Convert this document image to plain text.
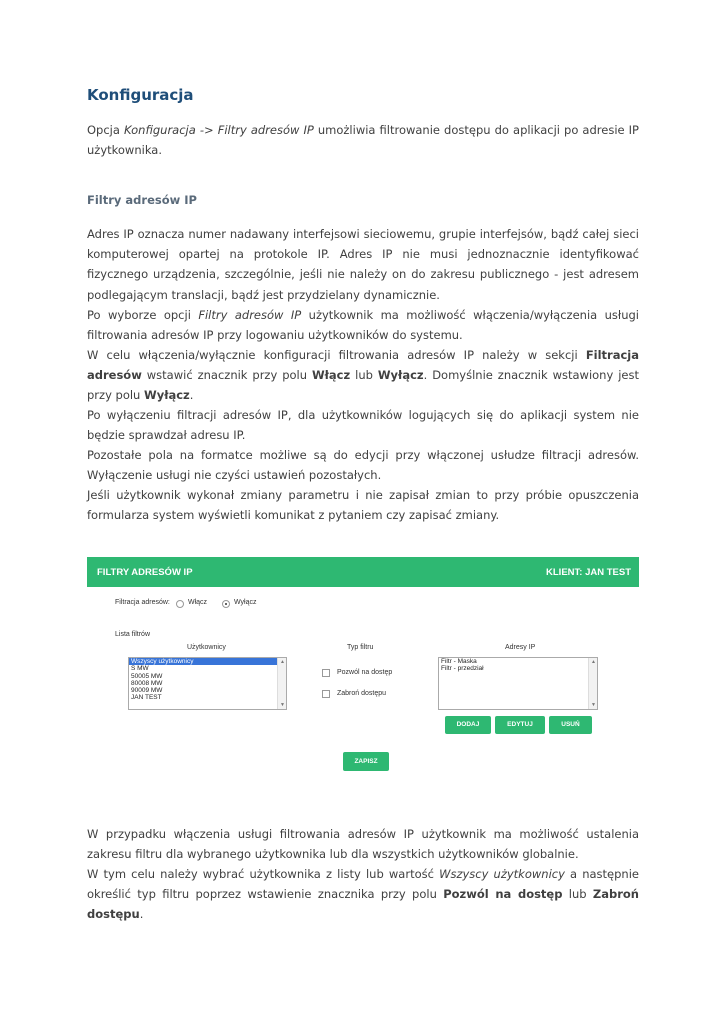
Konfiguracja
Opcja Konfiguracja -> Filtry adresów IP umożliwia filtrowanie dostępu do aplikacji po adresie IP użytkownika.
Filtry adresów IP
Adres IP oznacza numer nadawany interfejsowi sieciowemu, grupie interfejsów, bądź całej sieci komputerowej opartej na protokole IP. Adres IP nie musi jednoznacznie identyfikować fizycznego urządzenia, szczególnie, jeśli nie należy on do zakresu publicznego - jest adresem podlegającym translacji, bądź jest przydzielany dynamicznie.
Po wyborze opcji Filtry adresów IP użytkownik ma możliwość włączenia/wyłączenia usługi filtrowania adresów IP przy logowaniu użytkowników do systemu.
W celu włączenia/wyłącznie konfiguracji filtrowania adresów IP należy w sekcji Filtracja adresów wstawić znacznik przy polu Włącz lub Wyłącz. Domyślnie znacznik wstawiony jest przy polu Wyłącz.
Po wyłączeniu filtracji adresów IP, dla użytkowników logujących się do aplikacji system nie będzie sprawdzał adresu IP.
Pozostałe pola na formatce możliwe są do edycji przy włączonej usłudze filtracji adresów. Wyłączenie usługi nie czyści ustawień pozostałych.
Jeśli użytkownik wykonał zmiany parametru i nie zapisał zmian to przy próbie opuszczenia formularza system wyświetli komunikat z pytaniem czy zapisać zmiany.
FILTRY ADRESÓW IP	KLIENT: JAN TEST
Filtracja adresów:	Włącz	Wyłącz
Lista filtrów
Użytkownicy	Typ filtru	Adresy IP
Wszyscy użytkownicy
S MW
50005 MW
80008 MW
90009 MW
JAN TEST
▲
▼
Pozwól na dostęp
Zabroń dostępu
Filtr - Maska
Filtr - przedział
▲
▼
DODAJ	EDYTUJ	USUŃ
ZAPISZ
W przypadku włączenia usługi filtrowania adresów IP użytkownik ma możliwość ustalenia zakresu filtru dla wybranego użytkownika lub dla wszystkich użytkowników globalnie.
W tym celu należy wybrać użytkownika z listy lub wartość Wszyscy użytkownicy a następnie określić typ filtru poprzez wstawienie znacznika przy polu Pozwól na dostęp lub Zabroń dostępu.
